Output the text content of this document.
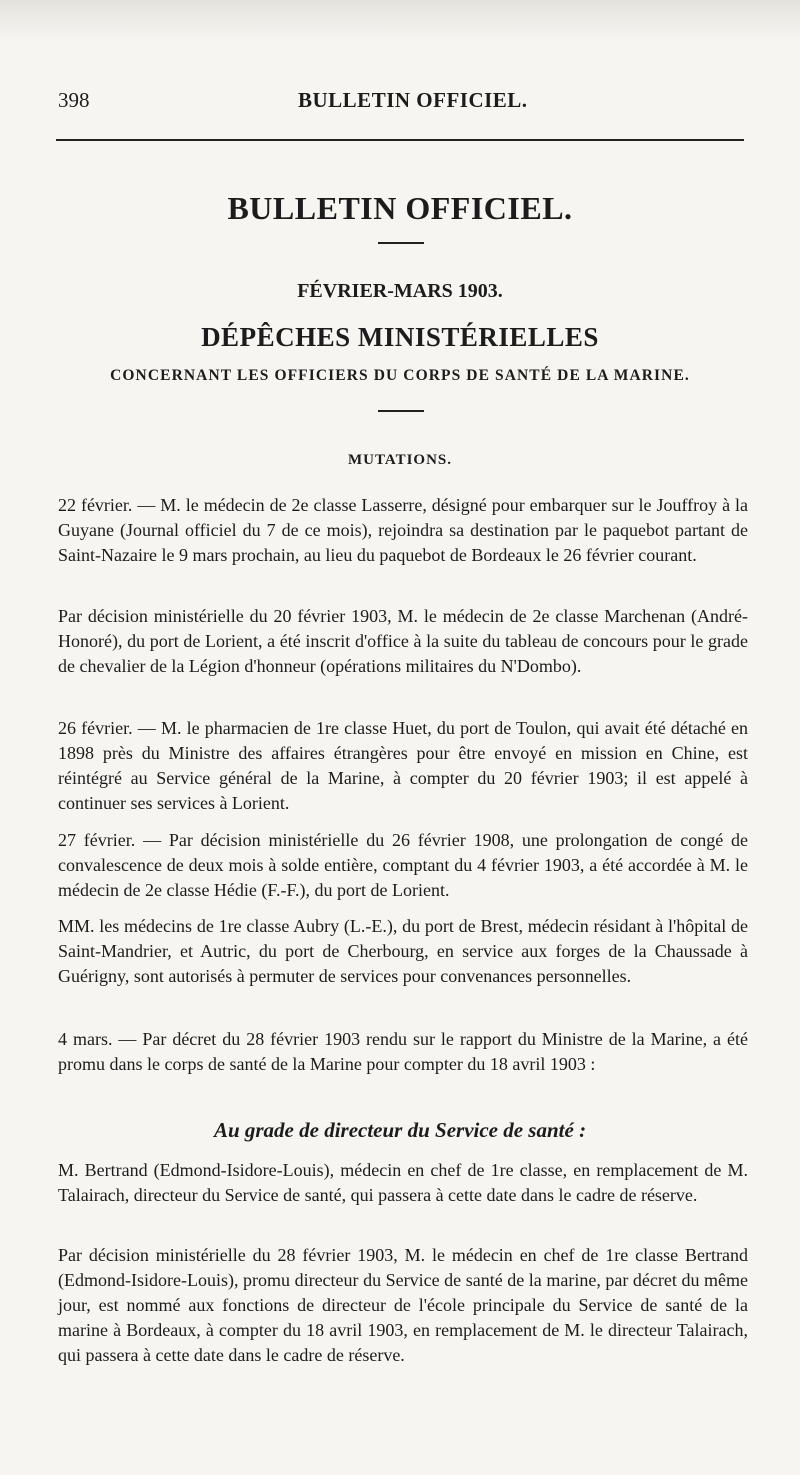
398	BULLETIN OFFICIEL.
BULLETIN OFFICIEL.
FÉVRIER-MARS 1903.
DÉPÊCHES MINISTÉRIELLES
CONCERNANT LES OFFICIERS DU CORPS DE SANTÉ DE LA MARINE.
MUTATIONS.

22 février. — M. le médecin de 2e classe Lasserre, désigné pour embarquer sur le Jouffroy à la Guyane (Journal officiel du 7 de ce mois), rejoindra sa destination par le paquebot partant de Saint-Nazaire le 9 mars prochain, au lieu du paquebot de Bordeaux le 26 février courant.

Par décision ministérielle du 20 février 1903, M. le médecin de 2e classe Marchenan (André-Honoré), du port de Lorient, a été inscrit d'office à la suite du tableau de concours pour le grade de chevalier de la Légion d'honneur (opérations militaires du N'Dombo).

26 février. — M. le pharmacien de 1re classe Huet, du port de Toulon, qui avait été détaché en 1898 près du Ministre des affaires étrangères pour être envoyé en mission en Chine, est réintégré au Service général de la Marine, à compter du 20 février 1903; il est appelé à continuer ses services à Lorient.

27 février. — Par décision ministérielle du 26 février 1908, une prolongation de congé de convalescence de deux mois à solde entière, comptant du 4 février 1903, a été accordée à M. le médecin de 2e classe Hédie (F.-F.), du port de Lorient.

MM. les médecins de 1re classe Aubry (L.-E.), du port de Brest, médecin résidant à l'hôpital de Saint-Mandrier, et Autric, du port de Cherbourg, en service aux forges de la Chaussade à Guérigny, sont autorisés à permuter de services pour convenances personnelles.

4 mars. — Par décret du 28 février 1903 rendu sur le rapport du Ministre de la Marine, a été promu dans le corps de santé de la Marine pour compter du 18 avril 1903 :

Au grade de directeur du Service de santé :

M. Bertrand (Edmond-Isidore-Louis), médecin en chef de 1re classe, en remplacement de M. Talairach, directeur du Service de santé, qui passera à cette date dans le cadre de réserve.

Par décision ministérielle du 28 février 1903, M. le médecin en chef de 1re classe Bertrand (Edmond-Isidore-Louis), promu directeur du Service de santé de la marine, par décret du même jour, est nommé aux fonctions de directeur de l'école principale du Service de santé de la marine à Bordeaux, à compter du 18 avril 1903, en remplacement de M. le directeur Talairach, qui passera à cette date dans le cadre de réserve.
